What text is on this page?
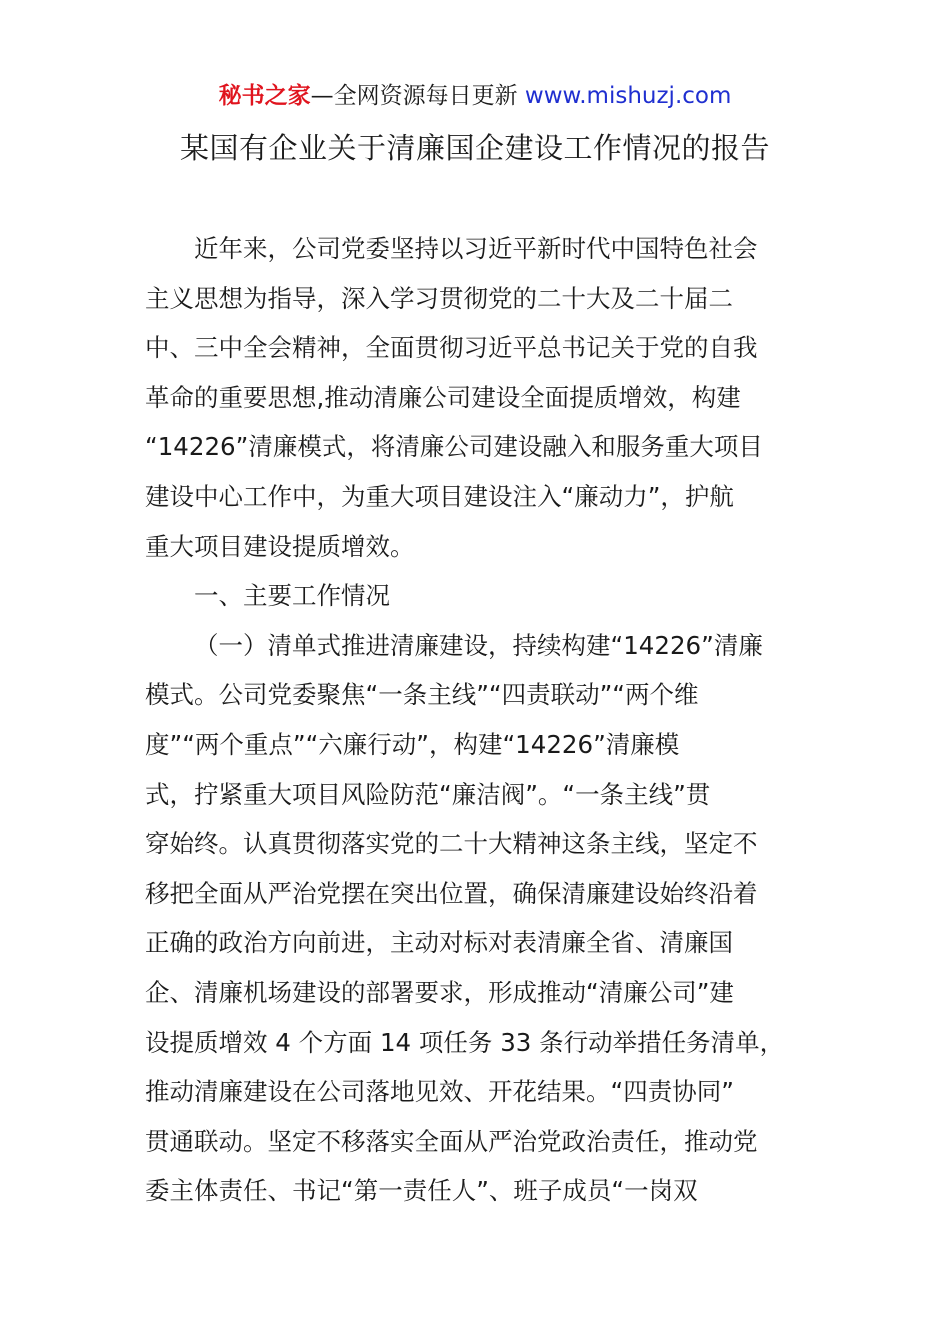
秘书之家—全网资源每日更新 www.mishuzj.com
某国有企业关于清廉国企建设工作情况的报告
近年来，公司党委坚持以习近平新时代中国特色社会
主义思想为指导，深入学习贯彻党的二十大及二十届二
中、三中全会精神，全面贯彻习近平总书记关于党的自我
革命的重要思想,推动清廉公司建设全面提质增效，构建
“14226”清廉模式，将清廉公司建设融入和服务重大项目
建设中心工作中，为重大项目建设注入“廉动力”，护航
重大项目建设提质增效。
一、主要工作情况
（一）清单式推进清廉建设，持续构建“14226”清廉
模式。公司党委聚焦“一条主线”“四责联动”“两个维
度”“两个重点”“六廉行动”，构建“14226”清廉模
式，拧紧重大项目风险防范“廉洁阀”。“一条主线”贯
穿始终。认真贯彻落实党的二十大精神这条主线，坚定不
移把全面从严治党摆在突出位置，确保清廉建设始终沿着
正确的政治方向前进，主动对标对表清廉全省、清廉国
企、清廉机场建设的部署要求，形成推动“清廉公司”建
设提质增效 4 个方面 14 项任务 33 条行动举措任务清单，
推动清廉建设在公司落地见效、开花结果。“四责协同”
贯通联动。坚定不移落实全面从严治党政治责任，推动党
委主体责任、书记“第一责任人”、班子成员“一岗双
